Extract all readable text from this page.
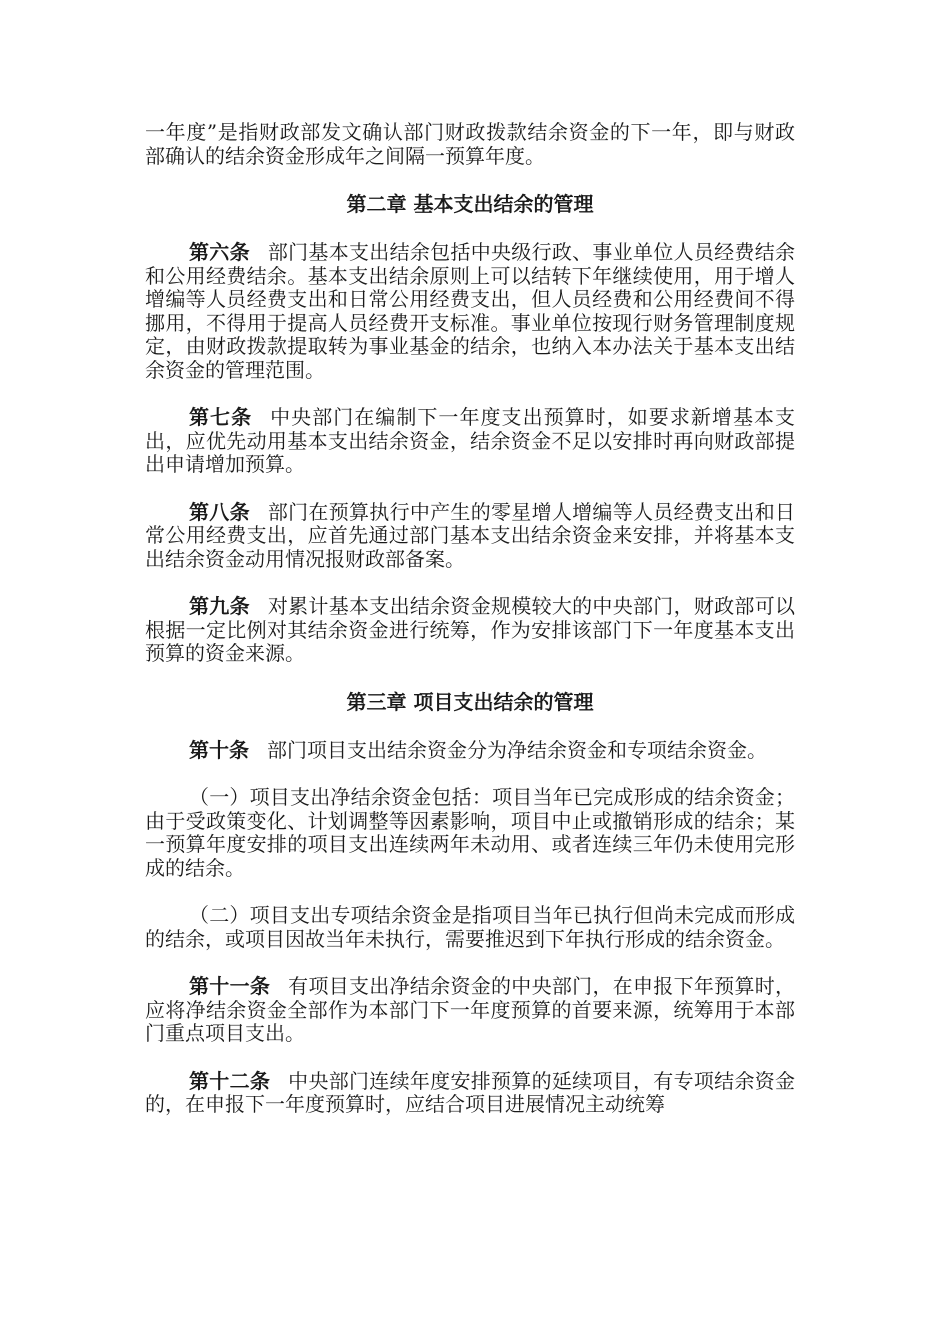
一年度”是指财政部发文确认部门财政拨款结余资金的下一年，即与财政部确认的结余资金形成年之间隔一预算年度。

第二章 基本支出结余的管理

第六条 部门基本支出结余包括中央级行政、事业单位人员经费结余和公用经费结余。基本支出结余原则上可以结转下年继续使用，用于增人增编等人员经费支出和日常公用经费支出，但人员经费和公用经费间不得挪用，不得用于提高人员经费开支标准。事业单位按现行财务管理制度规定，由财政拨款提取转为事业基金的结余，也纳入本办法关于基本支出结余资金的管理范围。

第七条 中央部门在编制下一年度支出预算时，如要求新增基本支出，应优先动用基本支出结余资金，结余资金不足以安排时再向财政部提出申请增加预算。

第八条 部门在预算执行中产生的零星增人增编等人员经费支出和日常公用经费支出，应首先通过部门基本支出结余资金来安排，并将基本支出结余资金动用情况报财政部备案。

第九条 对累计基本支出结余资金规模较大的中央部门，财政部可以根据一定比例对其结余资金进行统筹，作为安排该部门下一年度基本支出预算的资金来源。

第三章 项目支出结余的管理

第十条 部门项目支出结余资金分为净结余资金和专项结余资金。

（一）项目支出净结余资金包括：项目当年已完成形成的结余资金；由于受政策变化、计划调整等因素影响，项目中止或撤销形成的结余；某一预算年度安排的项目支出连续两年未动用、或者连续三年仍未使用完形成的结余。

（二）项目支出专项结余资金是指项目当年已执行但尚未完成而形成的结余，或项目因故当年未执行，需要推迟到下年执行形成的结余资金。

第十一条 有项目支出净结余资金的中央部门，在申报下年预算时，应将净结余资金全部作为本部门下一年度预算的首要来源，统筹用于本部门重点项目支出。

第十二条 中央部门连续年度安排预算的延续项目，有专项结余资金的，在申报下一年度预算时，应结合项目进展情况主动统筹
